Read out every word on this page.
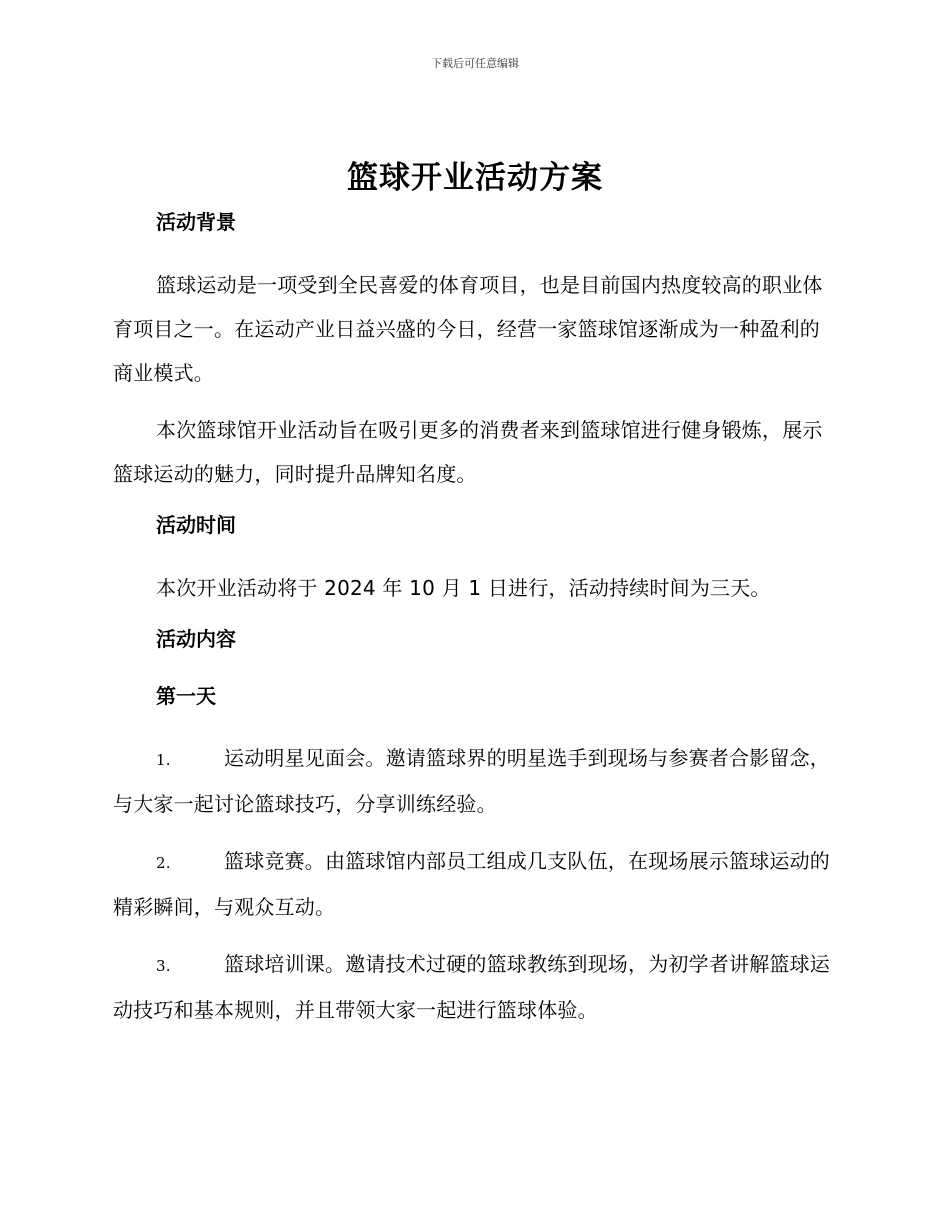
下载后可任意编辑
篮球开业活动方案
活动背景

篮球运动是一项受到全民喜爱的体育项目，也是目前国内热度较高的职业体育项目之一。在运动产业日益兴盛的今日，经营一家篮球馆逐渐成为一种盈利的商业模式。

本次篮球馆开业活动旨在吸引更多的消费者来到篮球馆进行健身锻炼，展示篮球运动的魅力，同时提升品牌知名度。

活动时间

本次开业活动将于 2024 年 10 月 1 日进行，活动持续时间为三天。

活动内容
第一天

1.	运动明星见面会。邀请篮球界的明星选手到现场与参赛者合影留念，与大家一起讨论篮球技巧，分享训练经验。

2.	篮球竞赛。由篮球馆内部员工组成几支队伍，在现场展示篮球运动的精彩瞬间，与观众互动。

3.	篮球培训课。邀请技术过硬的篮球教练到现场，为初学者讲解篮球运动技巧和基本规则，并且带领大家一起进行篮球体验。
